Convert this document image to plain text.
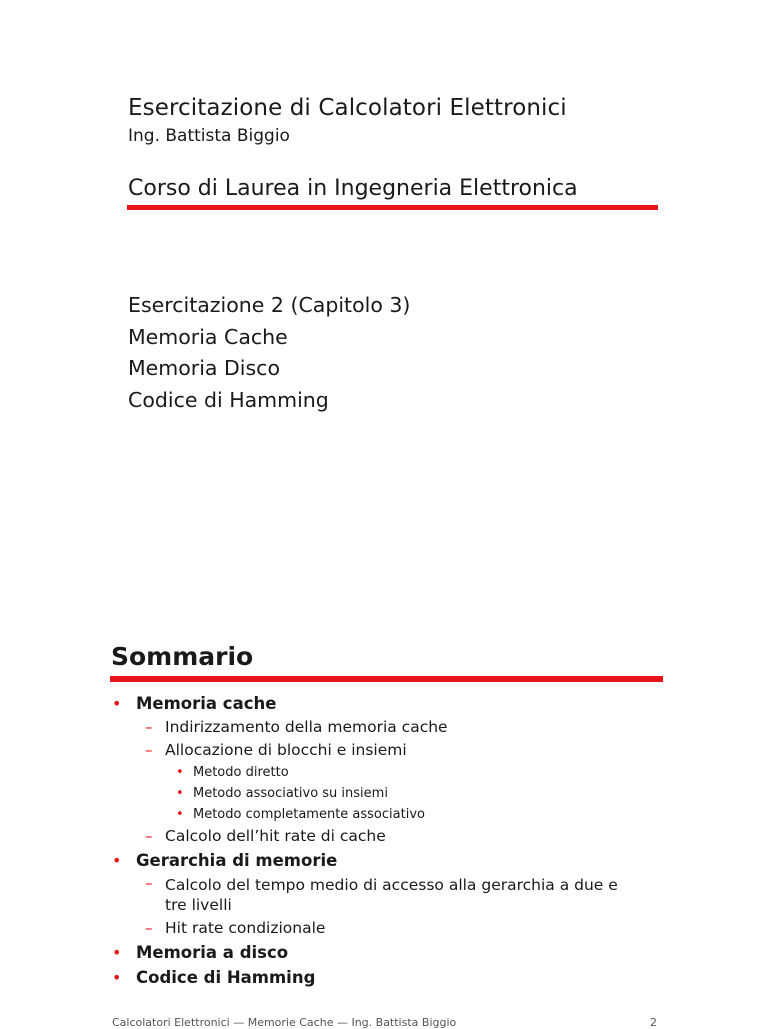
Esercitazione di Calcolatori Elettronici
Ing. Battista Biggio
Corso di Laurea in Ingegneria Elettronica
Esercitazione 2 (Capitolo 3)
Memoria Cache
Memoria Disco
Codice di Hamming
Sommario
• Memoria cache
– Indirizzamento della memoria cache
– Allocazione di blocchi e insiemi
• Metodo diretto
• Metodo associativo su insiemi
• Metodo completamente associativo
– Calcolo dell’hit rate di cache
• Gerarchia di memorie
– Calcolo del tempo medio di accesso alla gerarchia a due e tre livelli
– Hit rate condizionale
• Memoria a disco
• Codice di Hamming
Calcolatori Elettronici — Memorie Cache — Ing. Battista Biggio	2
